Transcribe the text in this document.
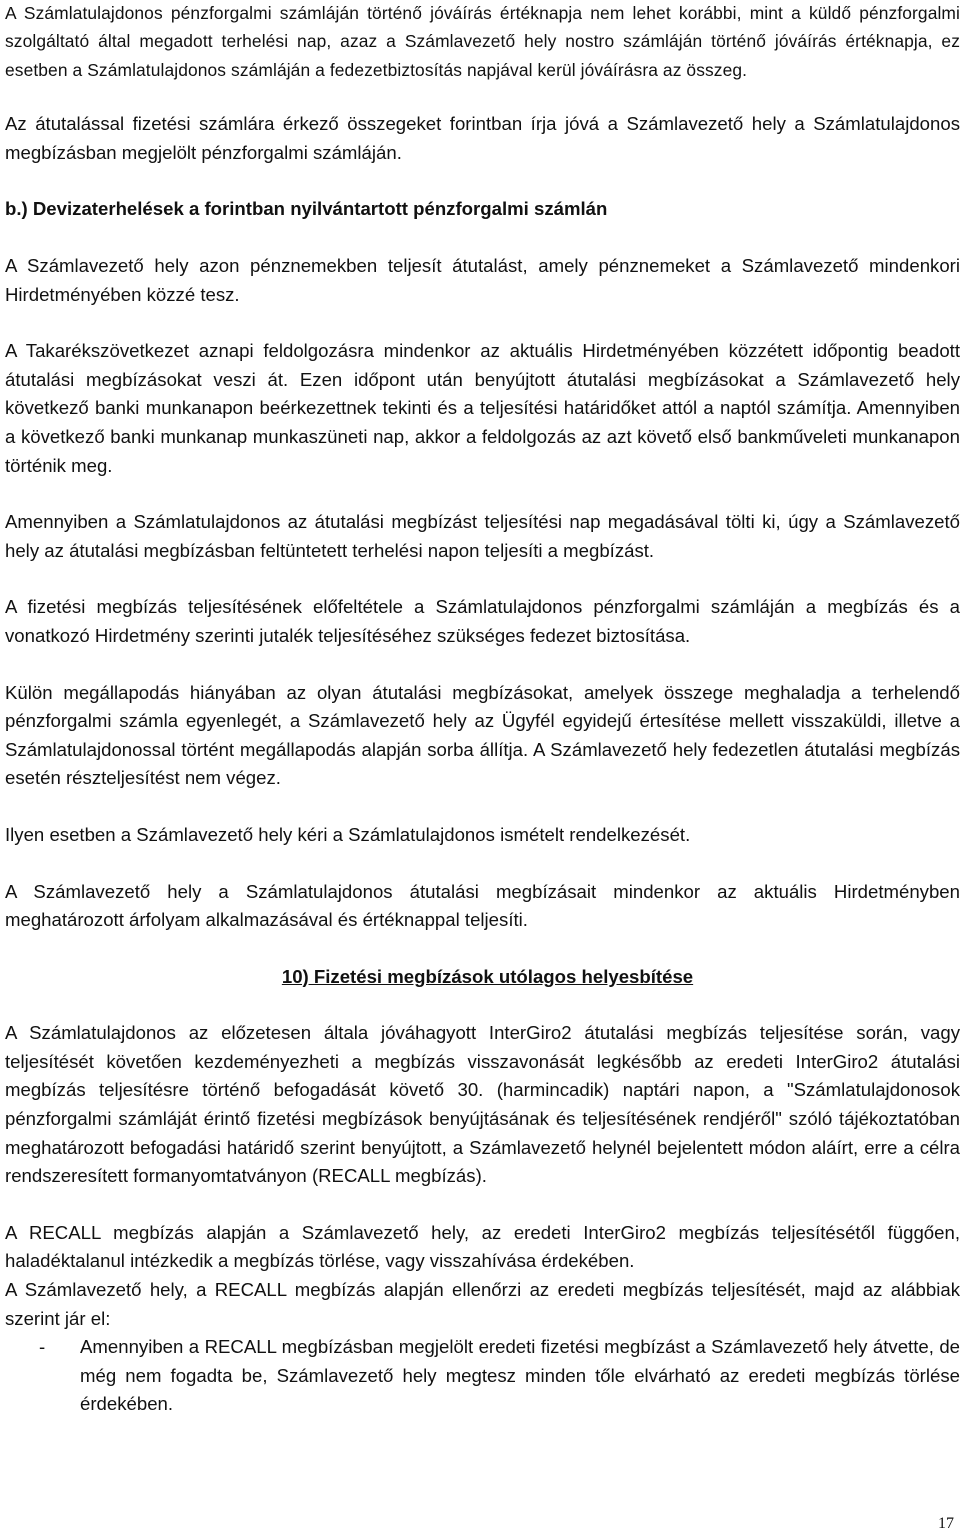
A Számlatulajdonos pénzforgalmi számláján történő jóváírás értéknapja nem lehet korábbi, mint a küldő pénzforgalmi szolgáltató által megadott terhelési nap, azaz a Számlavezető hely nostro számláján történő jóváírás értéknapja, ez esetben a Számlatulajdonos számláján a fedezetbiztosítás napjával kerül jóváírásra az összeg.

Az átutalással fizetési számlára érkező összegeket forintban írja jóvá a Számlavezető hely a Számlatulajdonos megbízásban megjelölt pénzforgalmi számláján.

b.) Devizaterhelések a forintban nyilvántartott pénzforgalmi számlán

A Számlavezető hely azon pénznemekben teljesít átutalást, amely pénznemeket a Számlavezető mindenkori Hirdetményében közzé tesz.

A Takarékszövetkezet aznapi feldolgozásra mindenkor az aktuális Hirdetményében közzétett időpontig beadott átutalási megbízásokat veszi át. Ezen időpont után benyújtott átutalási megbízásokat a Számlavezető hely következő banki munkanapon beérkezettnek tekinti és a teljesítési határidőket attól a naptól számítja. Amennyiben a következő banki munkanap munkaszüneti nap, akkor a feldolgozás az azt követő első bankműveleti munkanapon történik meg.

Amennyiben a Számlatulajdonos az átutalási megbízást teljesítési nap megadásával tölti ki, úgy a Számlavezető hely az átutalási megbízásban feltüntetett terhelési napon teljesíti a megbízást.

A fizetési megbízás teljesítésének előfeltétele a Számlatulajdonos pénzforgalmi számláján a megbízás és a vonatkozó Hirdetmény szerinti jutalék teljesítéséhez szükséges fedezet biztosítása.

Külön megállapodás hiányában az olyan átutalási megbízásokat, amelyek összege meghaladja a terhelendő pénzforgalmi számla egyenlegét, a Számlavezető hely az Ügyfél egyidejű értesítése mellett visszaküldi, illetve a Számlatulajdonossal történt megállapodás alapján sorba állítja. A Számlavezető hely fedezetlen átutalási megbízás esetén részteljesítést nem végez.

Ilyen esetben a Számlavezető hely kéri a Számlatulajdonos ismételt rendelkezését.

A Számlavezető hely a Számlatulajdonos átutalási megbízásait mindenkor az aktuális Hirdetményben meghatározott árfolyam alkalmazásával és értéknappal teljesíti.

10) Fizetési megbízások utólagos helyesbítése

A Számlatulajdonos az előzetesen általa jóváhagyott InterGiro2 átutalási megbízás teljesítése során, vagy teljesítését követően kezdeményezheti a megbízás visszavonását legkésőbb az eredeti InterGiro2 átutalási megbízás teljesítésre történő befogadását követő 30. (harmincadik) naptári napon, a "Számlatulajdonosok pénzforgalmi számláját érintő fizetési megbízások benyújtásának és teljesítésének rendjéről" szóló tájékoztatóban meghatározott befogadási határidő szerint benyújtott, a Számlavezető helynél bejelentett módon aláírt, erre a célra rendszeresített formanyomtatványon (RECALL megbízás).

A RECALL megbízás alapján a Számlavezető hely, az eredeti InterGiro2 megbízás teljesítésétől függően, haladéktalanul intézkedik a megbízás törlése, vagy visszahívása érdekében.

A Számlavezető hely, a RECALL megbízás alapján ellenőrzi az eredeti megbízás teljesítését, majd az alábbiak szerint jár el:

- Amennyiben a RECALL megbízásban megjelölt eredeti fizetési megbízást a Számlavezető hely átvette, de még nem fogadta be, Számlavezető hely megtesz minden tőle elvárható az eredeti megbízás törlése érdekében.
17
